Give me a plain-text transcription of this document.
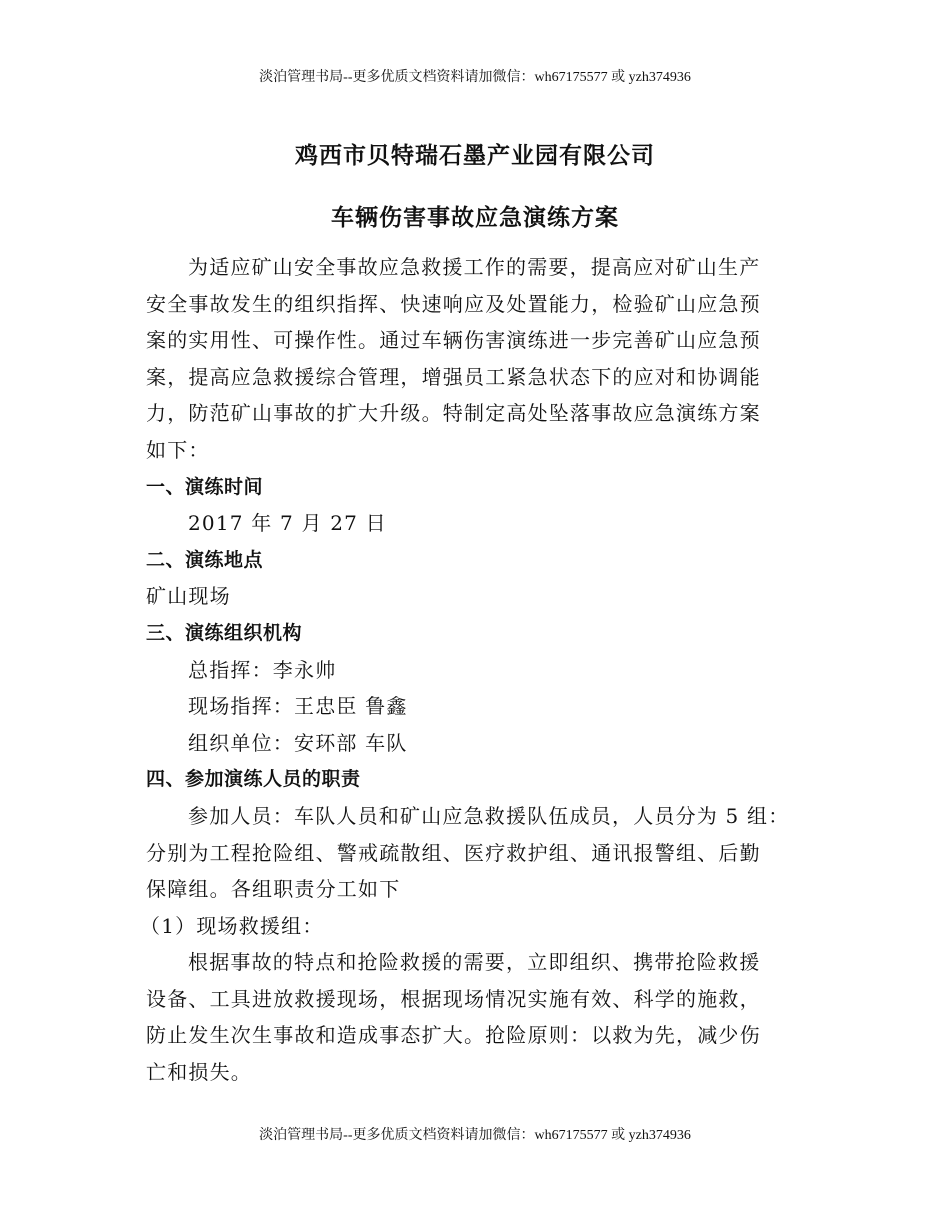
淡泊管理书局--更多优质文档资料请加微信：wh67175577 或 yzh374936
鸡西市贝特瑞石墨产业园有限公司
车辆伤害事故应急演练方案
为适应矿山安全事故应急救援工作的需要，提高应对矿山生产
安全事故发生的组织指挥、快速响应及处置能力，检验矿山应急预
案的实用性、可操作性。通过车辆伤害演练进一步完善矿山应急预
案，提高应急救援综合管理，增强员工紧急状态下的应对和协调能
力，防范矿山事故的扩大升级。特制定高处坠落事故应急演练方案
如下：
一、演练时间
2017 年 7 月 27 日
二、演练地点
矿山现场
三、演练组织机构
总指挥：李永帅
现场指挥：王忠臣 鲁鑫
组织单位：安环部 车队
四、参加演练人员的职责
参加人员：车队人员和矿山应急救援队伍成员，人员分为 5 组：
分别为工程抢险组、警戒疏散组、医疗救护组、通讯报警组、后勤
保障组。各组职责分工如下
（1）现场救援组：
根据事故的特点和抢险救援的需要，立即组织、携带抢险救援
设备、工具进放救援现场，根据现场情况实施有效、科学的施救，
防止发生次生事故和造成事态扩大。抢险原则：以救为先，减少伤
亡和损失。
淡泊管理书局--更多优质文档资料请加微信：wh67175577 或 yzh374936
